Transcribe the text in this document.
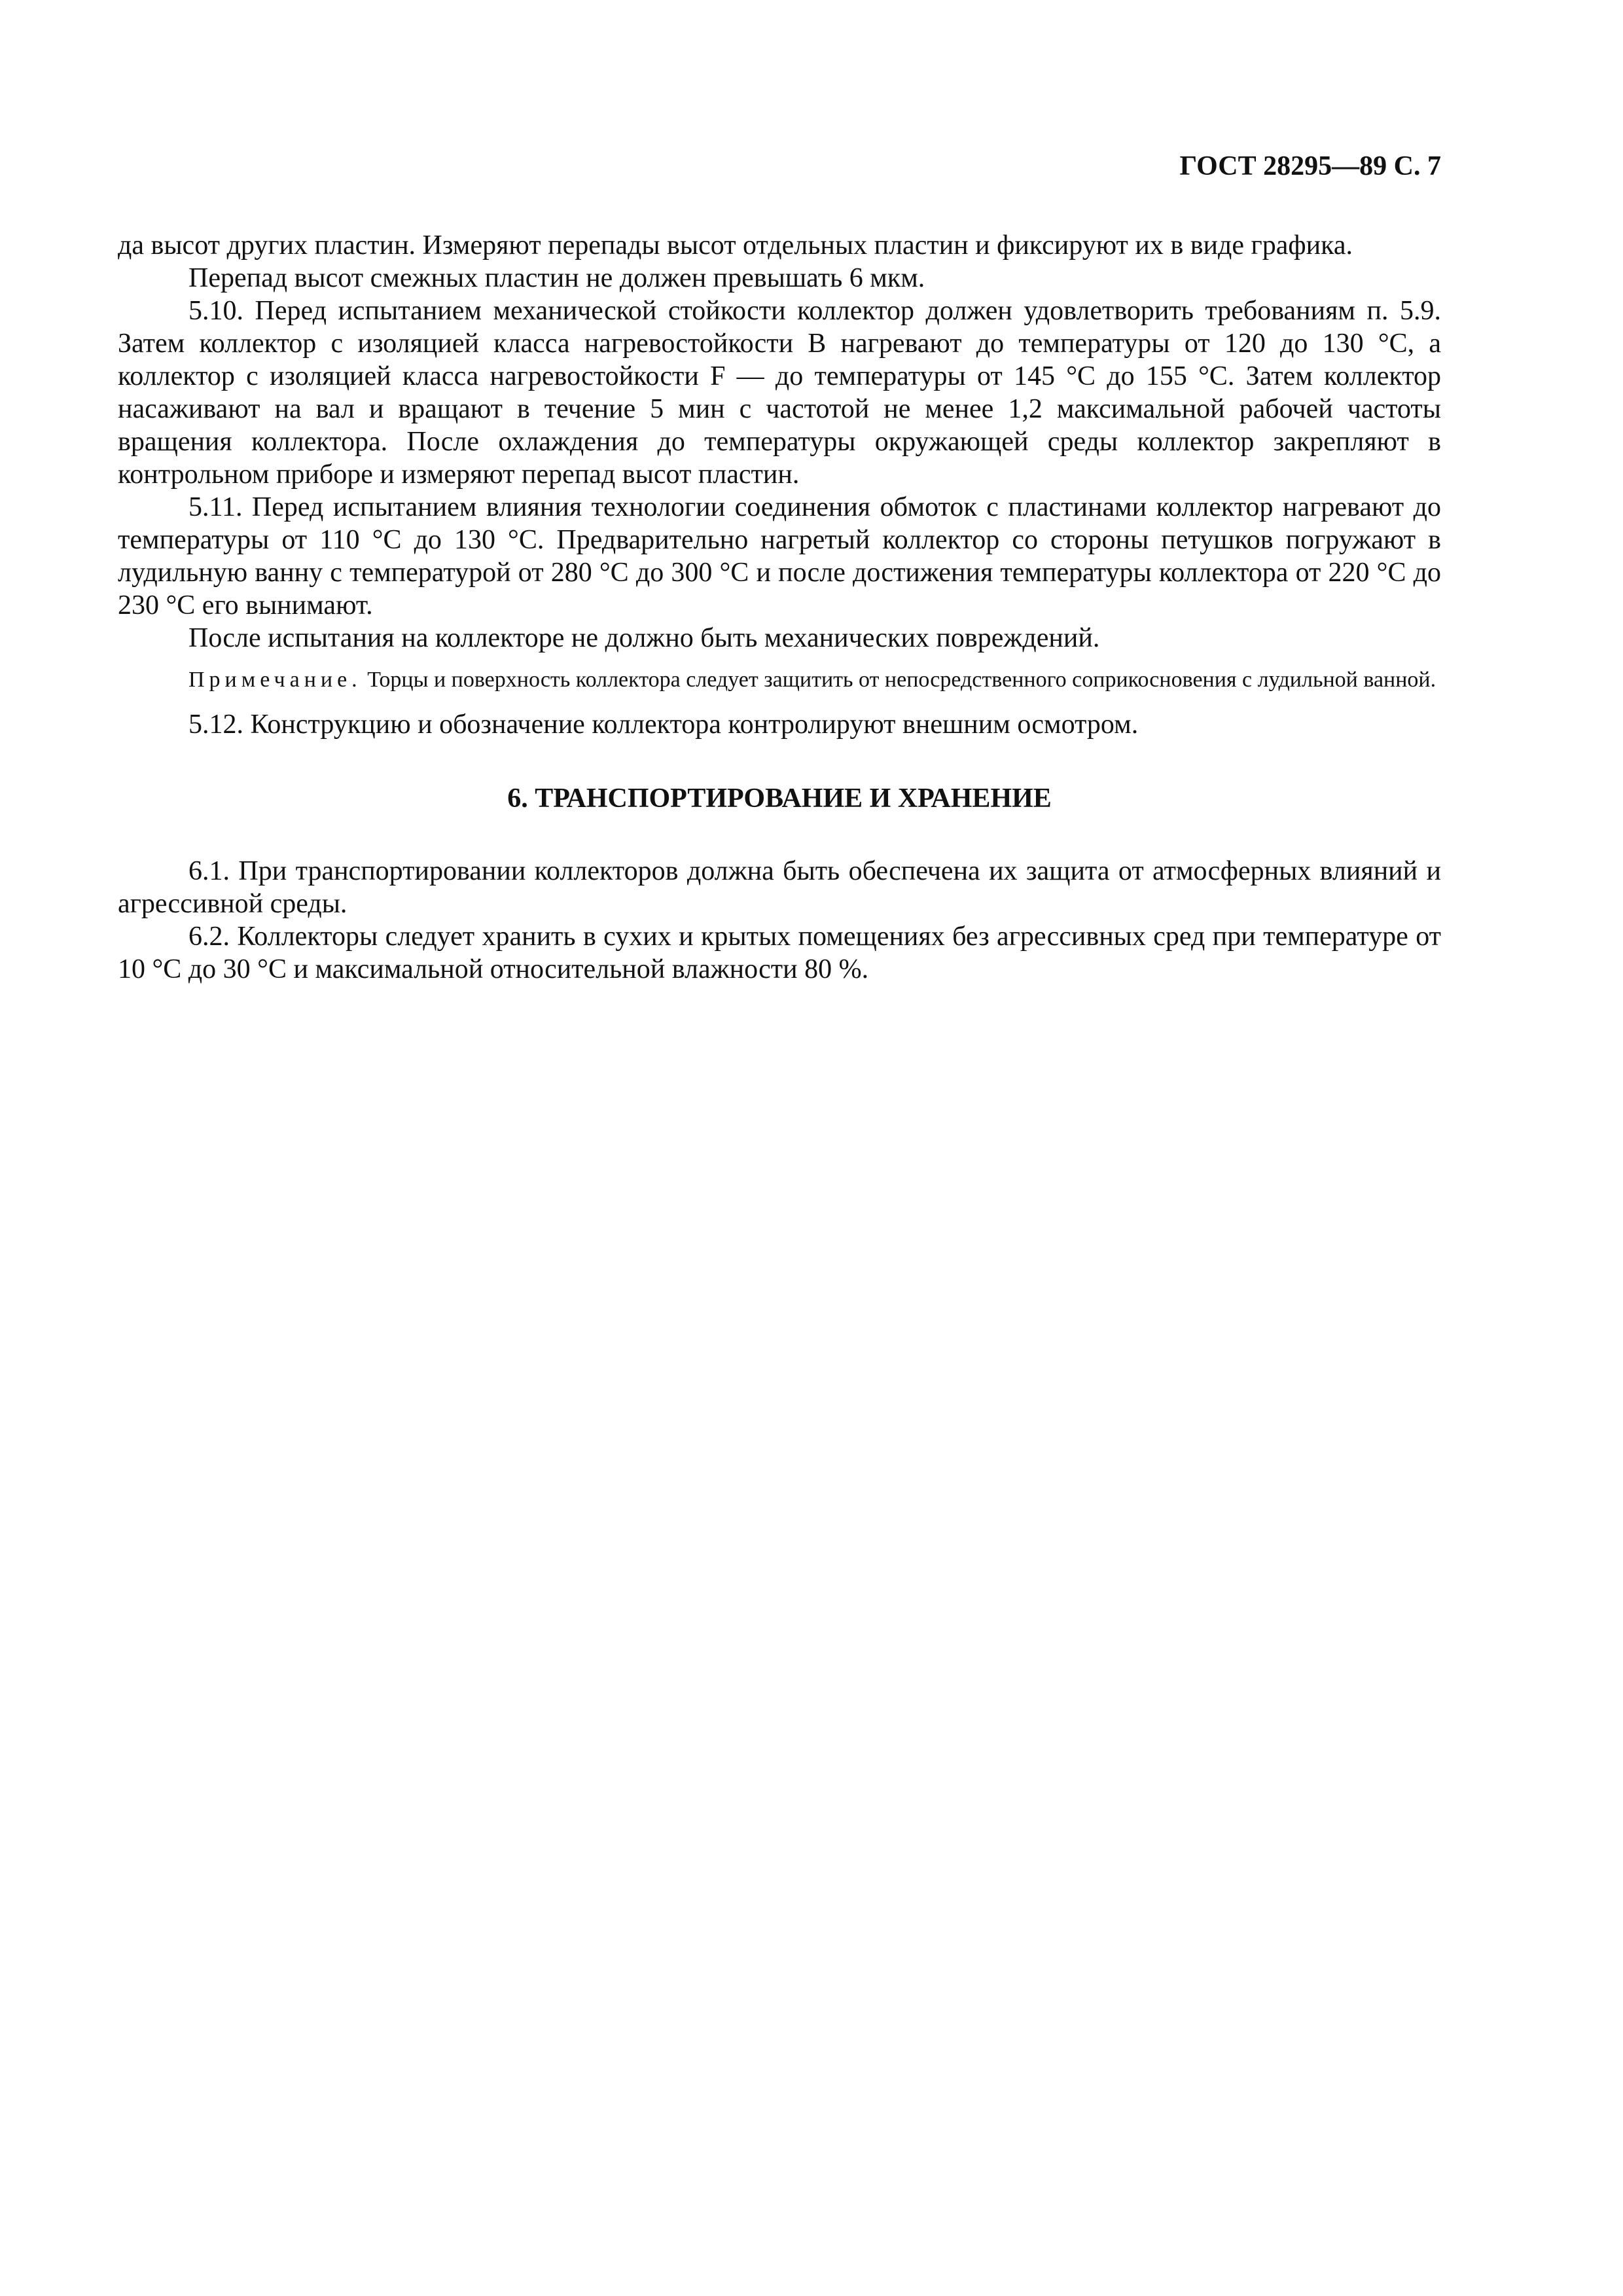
ГОСТ 28295—89 С. 7

да высот других пластин. Измеряют перепады высот отдельных пластин и фиксируют их в виде графика.

Перепад высот смежных пластин не должен превышать 6 мкм.

5.10. Перед испытанием механической стойкости коллектор должен удовлетворить требованиям п. 5.9. Затем коллектор с изоляцией класса нагревостойкости В нагревают до температуры от 120 до 130 °С, а коллектор с изоляцией класса нагревостойкости F — до температуры от 145 °С до 155 °С. Затем коллектор насаживают на вал и вращают в течение 5 мин с частотой не менее 1,2 максимальной рабочей частоты вращения коллектора. После охлаждения до температуры окружающей среды коллектор закрепляют в контрольном приборе и измеряют перепад высот пластин.

5.11. Перед испытанием влияния технологии соединения обмоток с пластинами коллектор нагревают до температуры от 110 °С до 130 °С. Предварительно нагретый коллектор со стороны петушков погружают в лудильную ванну с температурой от 280 °С до 300 °С и после достижения температуры коллектора от 220 °С до 230 °С его вынимают.

После испытания на коллекторе не должно быть механических повреждений.

Примечание. Торцы и поверхность коллектора следует защитить от непосредственного соприкосновения с лудильной ванной.

5.12. Конструкцию и обозначение коллектора контролируют внешним осмотром.

6. ТРАНСПОРТИРОВАНИЕ И ХРАНЕНИЕ

6.1. При транспортировании коллекторов должна быть обеспечена их защита от атмосферных влияний и агрессивной среды.

6.2. Коллекторы следует хранить в сухих и крытых помещениях без агрессивных сред при температуре от 10 °С до 30 °С и максимальной относительной влажности 80 %.
